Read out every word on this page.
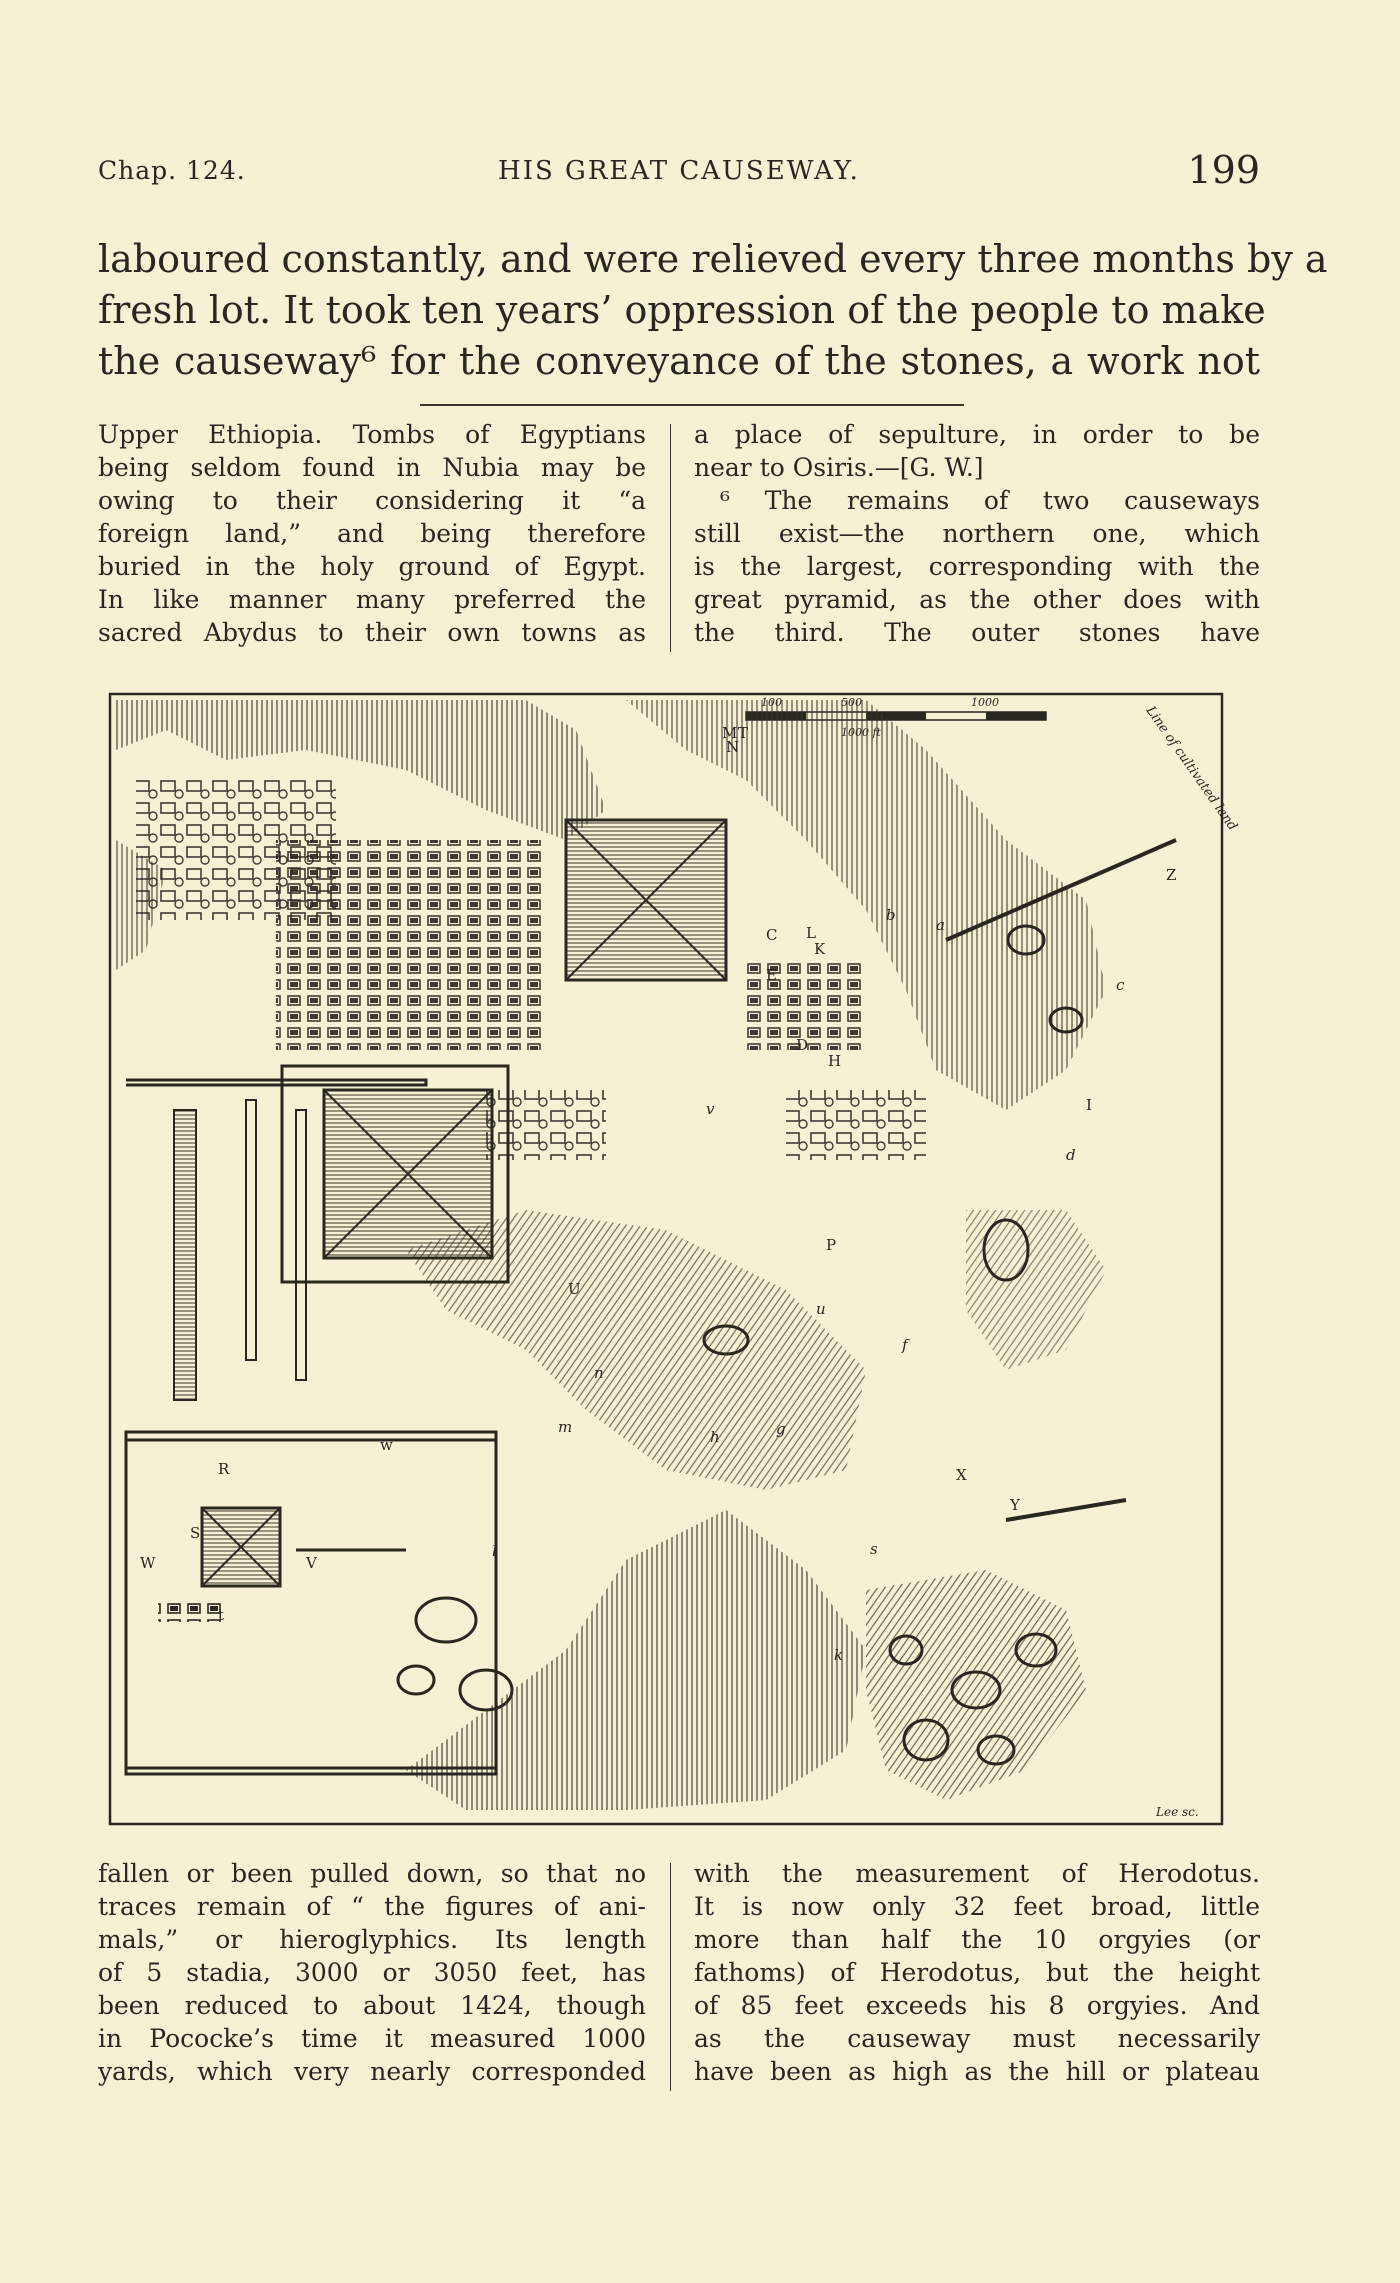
Chap. 124.	HIS GREAT CAUSEWAY.	199
laboured constantly, and were relieved every three months by a
fresh lot. It took ten years’ oppression of the people to make
the causeway⁶ for the conveyance of the stones, a work not
Upper Ethiopia. Tombs of Egyptians
being seldom found in Nubia may be
owing to their considering it “a
foreign land,” and being therefore
buried in the holy ground of Egypt.
In like manner many preferred the
sacred Abydus to their own towns as
a place of sepulture, in order to be
near to Osiris.—[G. W.]
⁶ The remains of two causeways
still exist—the northern one, which
is the largest, corresponding with the
great pyramid, as the other does with
the third. The outer stones have
1000
Line of cultivated land
M T
N
Z
a
b
c
C
D
H
K
L
I
d
P
U
u
f
n
m
h	g
k
X
Y
S
s
R
V
W
w
l
v
t
E
Lee sc.
fallen or been pulled down, so that no
traces remain of “ the figures of ani-
mals,” or hieroglyphics. Its length
of 5 stadia, 3000 or 3050 feet, has
been reduced to about 1424, though
in Pococke’s time it measured 1000
yards, which very nearly corresponded
with the measurement of Herodotus.
It is now only 32 feet broad, little
more than half the 10 orgyies (or
fathoms) of Herodotus, but the height
of 85 feet exceeds his 8 orgyies. And
as the causeway must necessarily
have been as high as the hill or plateau
